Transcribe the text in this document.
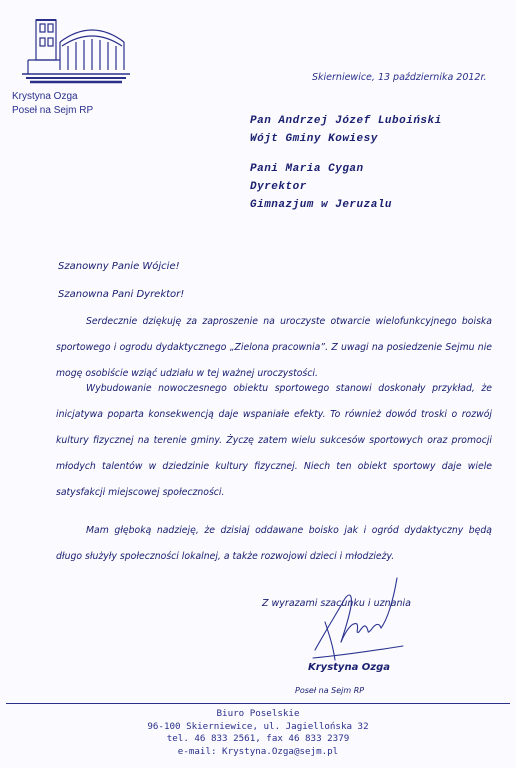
Krystyna Ozga
Poseł na Sejm RP
Skierniewice, 13 października 2012r.
Pan Andrzej Józef Luboiński
Wójt Gminy Kowiesy
Pani Maria Cygan
Dyrektor
Gimnazjum w Jeruzalu
Szanowny Panie Wójcie!
Szanowna Pani Dyrektor!

Serdecznie dziękuję za zaproszenie na uroczyste otwarcie wielofunkcyjnego boiska sportowego i ogrodu dydaktycznego „Zielona pracownia”. Z uwagi na posiedzenie Sejmu nie mogę osobiście wziąć udziału w tej ważnej uroczystości.

Wybudowanie nowoczesnego obiektu sportowego stanowi doskonały przykład, że inicjatywa poparta konsekwencją daje wspaniałe efekty. To również dowód troski o rozwój kultury fizycznej na terenie gminy. Życzę zatem wielu sukcesów sportowych oraz promocji młodych talentów w dziedzinie kultury fizycznej. Niech ten obiekt sportowy daje wiele satysfakcji miejscowej społeczności.

Mam głęboką nadzieję, że dzisiaj oddawane boisko jak i ogród dydaktyczny będą długo służyły społeczności lokalnej, a także rozwojowi dzieci i młodzieży.

Z wyrazami szacunku i uznania
Krystyna Ozga
Poseł na Sejm RP
Biuro Poselskie
96-100 Skierniewice, ul. Jagiellońska 32
tel. 46 833 2561, fax 46 833 2379
e-mail: Krystyna.Ozga@sejm.pl
